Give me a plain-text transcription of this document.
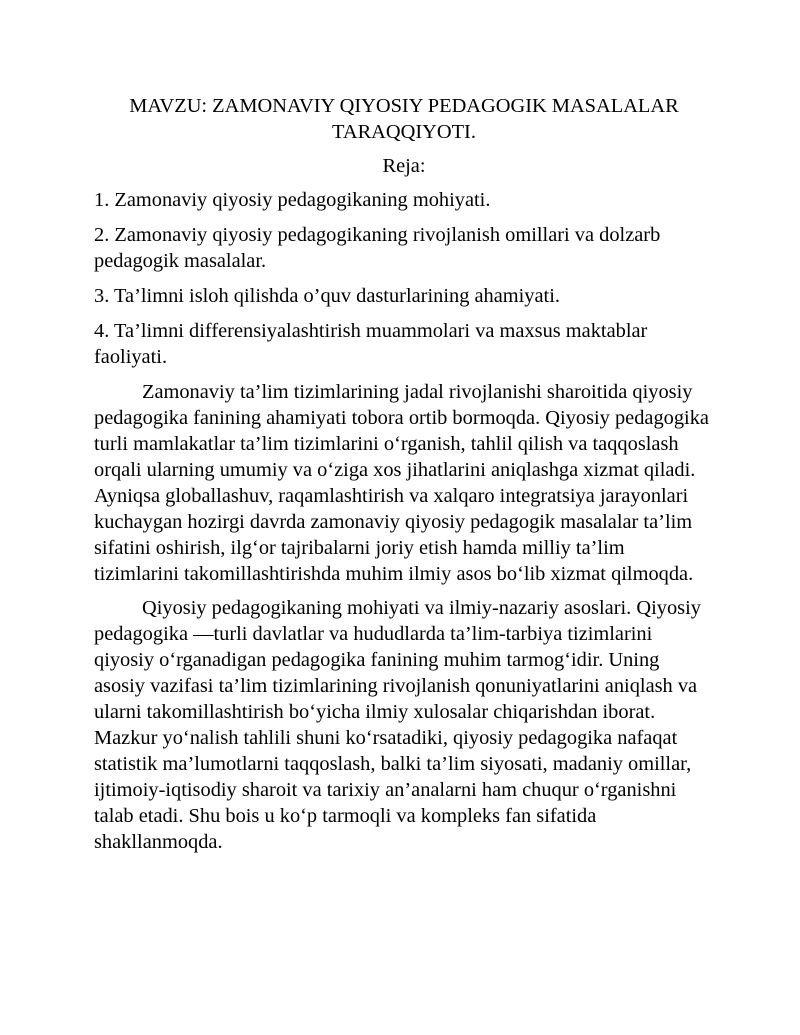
MAVZU: ZAMONAVIY QIYOSIY PEDAGOGIK MASALALAR TARAQQIYOTI.

Reja:

1. Zamonaviy qiyosiy pedagogikaning mohiyati.

2. Zamonaviy qiyosiy pedagogikaning rivojlanish omillari va dolzarb pedagogik masalalar.

3. Ta’limni isloh qilishda o’quv dasturlarining ahamiyati.

4. Ta’limni differensiyalashtirish muammolari va maxsus maktablar faoliyati.

Zamonaviy ta’lim tizimlarining jadal rivojlanishi sharoitida qiyosiy pedagogika fanining ahamiyati tobora ortib bormoqda. Qiyosiy pedagogika turli mamlakatlar ta’lim tizimlarini o‘rganish, tahlil qilish va taqqoslash orqali ularning umumiy va o‘ziga xos jihatlarini aniqlashga xizmat qiladi. Ayniqsa globallashuv, raqamlashtirish va xalqaro integratsiya jarayonlari kuchaygan hozirgi davrda zamonaviy qiyosiy pedagogik masalalar ta’lim sifatini oshirish, ilg‘or tajribalarni joriy etish hamda milliy ta’lim tizimlarini takomillashtirishda muhim ilmiy asos bo‘lib xizmat qilmoqda.

Qiyosiy pedagogikaning mohiyati va ilmiy-nazariy asoslari. Qiyosiy pedagogika —turli davlatlar va hududlarda ta’lim-tarbiya tizimlarini qiyosiy o‘rganadigan pedagogika fanining muhim tarmog‘idir. Uning asosiy vazifasi ta’lim tizimlarining rivojlanish qonuniyatlarini aniqlash va ularni takomillashtirish bo‘yicha ilmiy xulosalar chiqarishdan iborat. Mazkur yo‘nalish tahlili shuni ko‘rsatadiki, qiyosiy pedagogika nafaqat statistik ma’lumotlarni taqqoslash, balki ta’lim siyosati, madaniy omillar, ijtimoiy-iqtisodiy sharoit va tarixiy an’analarni ham chuqur o‘rganishni talab etadi. Shu bois u ko‘p tarmoqli va kompleks fan sifatida shakllanmoqda.
